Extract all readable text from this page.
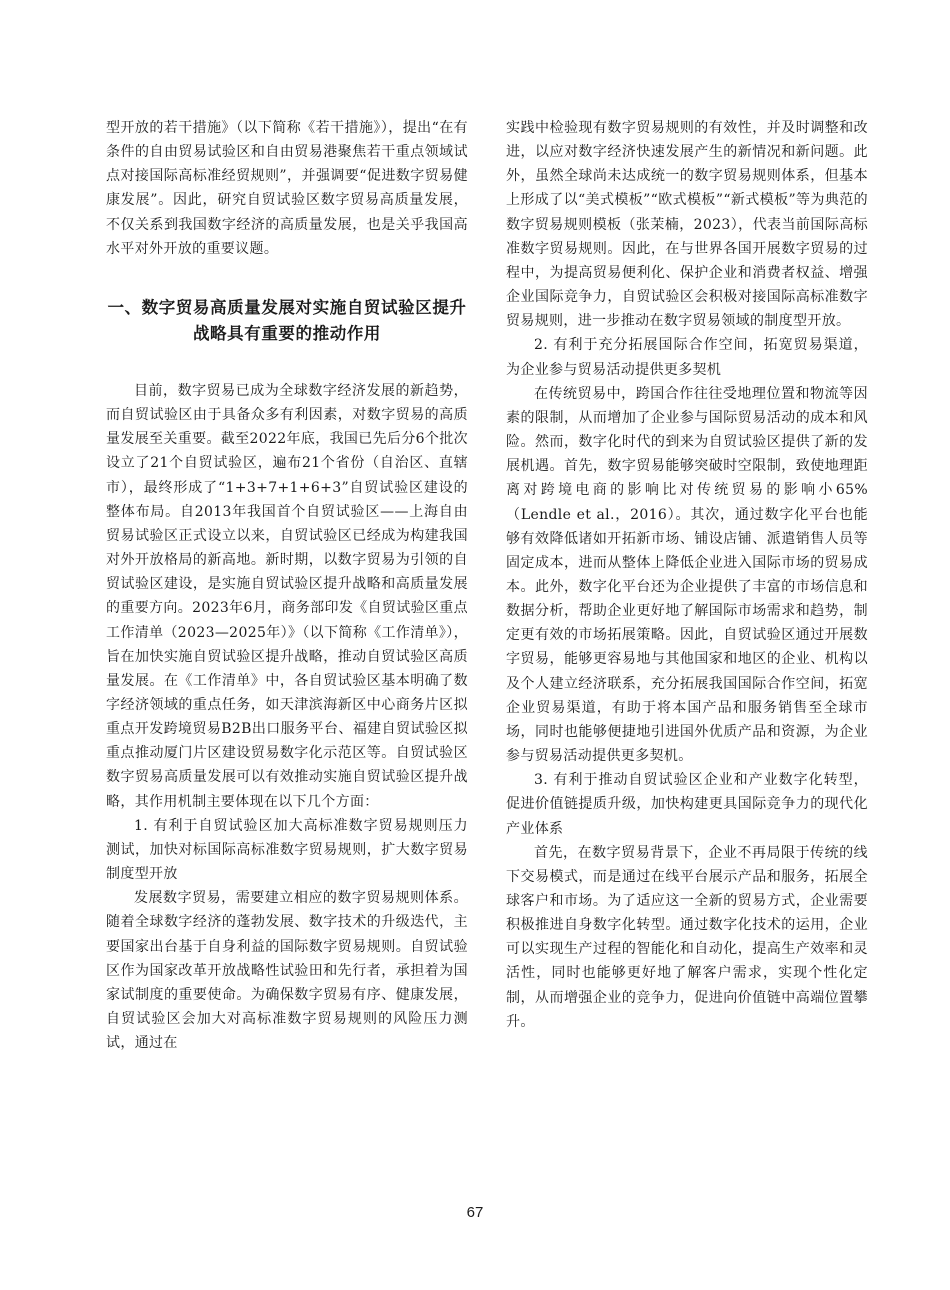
型开放的若干措施》（以下简称《若干措施》），提出“在有条件的自由贸易试验区和自由贸易港聚焦若干重点领域试点对接国际高标准经贸规则”，并强调要“促进数字贸易健康发展”。因此，研究自贸试验区数字贸易高质量发展，不仅关系到我国数字经济的高质量发展，也是关乎我国高水平对外开放的重要议题。

一、数字贸易高质量发展对实施自贸试验区提升战略具有重要的推动作用

目前，数字贸易已成为全球数字经济发展的新趋势，而自贸试验区由于具备众多有利因素，对数字贸易的高质量发展至关重要。截至2022年底，我国已先后分6个批次设立了21个自贸试验区，遍布21个省份（自治区、直辖市），最终形成了“1+3+7+1+6+3”自贸试验区建设的整体布局。自2013年我国首个自贸试验区——上海自由贸易试验区正式设立以来，自贸试验区已经成为构建我国对外开放格局的新高地。新时期，以数字贸易为引领的自贸试验区建设，是实施自贸试验区提升战略和高质量发展的重要方向。2023年6月，商务部印发《自贸试验区重点工作清单（2023—2025年）》（以下简称《工作清单》），旨在加快实施自贸试验区提升战略，推动自贸试验区高质量发展。在《工作清单》中，各自贸试验区基本明确了数字经济领域的重点任务，如天津滨海新区中心商务片区拟重点开发跨境贸易B2B出口服务平台、福建自贸试验区拟重点推动厦门片区建设贸易数字化示范区等。自贸试验区数字贸易高质量发展可以有效推动实施自贸试验区提升战略，其作用机制主要体现在以下几个方面：

1. 有利于自贸试验区加大高标准数字贸易规则压力测试，加快对标国际高标准数字贸易规则，扩大数字贸易制度型开放

发展数字贸易，需要建立相应的数字贸易规则体系。随着全球数字经济的蓬勃发展、数字技术的升级迭代，主要国家出台基于自身利益的国际数字贸易规则。自贸试验区作为国家改革开放战略性试验田和先行者，承担着为国家试制度的重要使命。为确保数字贸易有序、健康发展，自贸试验区会加大对高标准数字贸易规则的风险压力测试，通过在

实践中检验现有数字贸易规则的有效性，并及时调整和改进，以应对数字经济快速发展产生的新情况和新问题。此外，虽然全球尚未达成统一的数字贸易规则体系，但基本上形成了以“美式模板”“欧式模板”“新式模板”等为典范的数字贸易规则模板（张茉楠，2023），代表当前国际高标准数字贸易规则。因此，在与世界各国开展数字贸易的过程中，为提高贸易便利化、保护企业和消费者权益、增强企业国际竞争力，自贸试验区会积极对接国际高标准数字贸易规则，进一步推动在数字贸易领域的制度型开放。

2. 有利于充分拓展国际合作空间，拓宽贸易渠道，为企业参与贸易活动提供更多契机

在传统贸易中，跨国合作往往受地理位置和物流等因素的限制，从而增加了企业参与国际贸易活动的成本和风险。然而，数字化时代的到来为自贸试验区提供了新的发展机遇。首先，数字贸易能够突破时空限制，致使地理距离对跨境电商的影响比对传统贸易的影响小65%（Lendle et al.，2016）。其次，通过数字化平台也能够有效降低诸如开拓新市场、铺设店铺、派遣销售人员等固定成本，进而从整体上降低企业进入国际市场的贸易成本。此外，数字化平台还为企业提供了丰富的市场信息和数据分析，帮助企业更好地了解国际市场需求和趋势，制定更有效的市场拓展策略。因此，自贸试验区通过开展数字贸易，能够更容易地与其他国家和地区的企业、机构以及个人建立经济联系，充分拓展我国国际合作空间，拓宽企业贸易渠道，有助于将本国产品和服务销售至全球市场，同时也能够便捷地引进国外优质产品和资源，为企业参与贸易活动提供更多契机。

3. 有利于推动自贸试验区企业和产业数字化转型，促进价值链提质升级，加快构建更具国际竞争力的现代化产业体系

首先，在数字贸易背景下，企业不再局限于传统的线下交易模式，而是通过在线平台展示产品和服务，拓展全球客户和市场。为了适应这一全新的贸易方式，企业需要积极推进自身数字化转型。通过数字化技术的运用，企业可以实现生产过程的智能化和自动化，提高生产效率和灵活性，同时也能够更好地了解客户需求，实现个性化定制，从而增强企业的竞争力，促进向价值链中高端位置攀升。

67
